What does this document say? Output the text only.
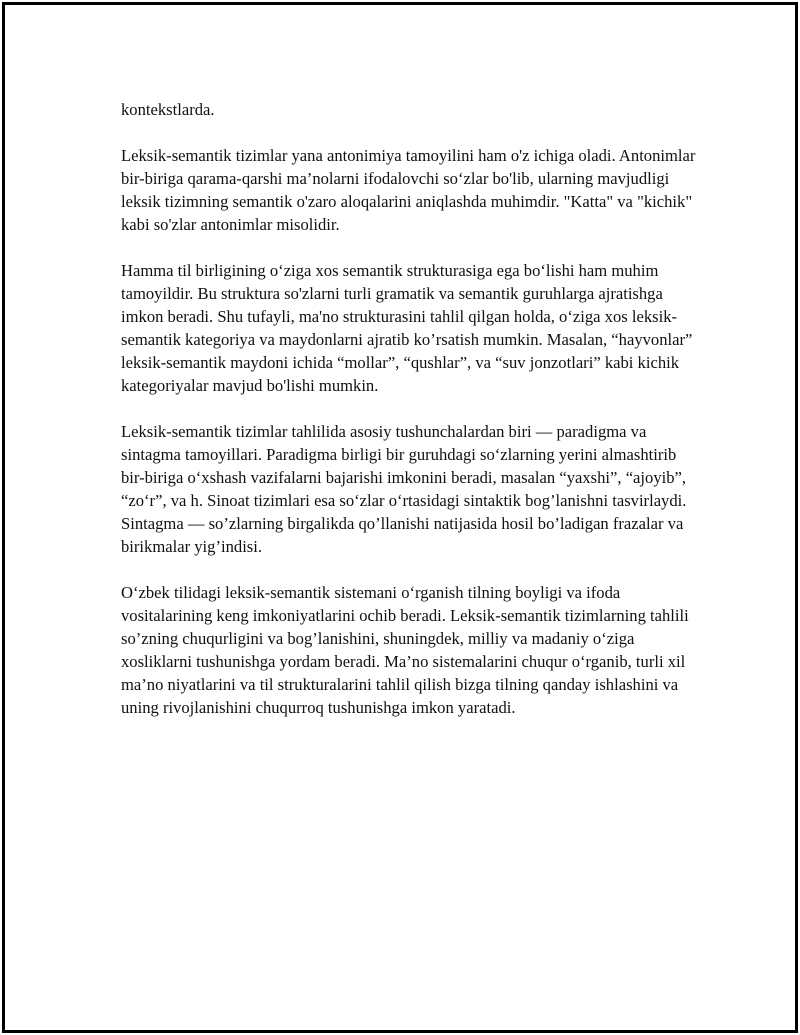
kontekstlarda.

Leksik-semantik tizimlar yana antonimiya tamoyilini ham o'z ichiga oladi. Antonimlar bir-biriga qarama-qarshi ma’nolarni ifodalovchi so‘zlar bo'lib, ularning mavjudligi leksik tizimning semantik o'zaro aloqalarini aniqlashda muhimdir. "Katta" va "kichik" kabi so'zlar antonimlar misolidir.

Hamma til birligining o‘ziga xos semantik strukturasiga ega bo‘lishi ham muhim tamoyildir. Bu struktura so'zlarni turli gramatik va semantik guruhlarga ajratishga imkon beradi. Shu tufayli, ma'no strukturasini tahlil qilgan holda, o‘ziga xos leksik-semantik kategoriya va maydonlarni ajratib ko’rsatish mumkin. Masalan, “hayvonlar” leksik-semantik maydoni ichida “mollar”, “qushlar”, va “suv jonzotlari” kabi kichik kategoriyalar mavjud bo'lishi mumkin.

Leksik-semantik tizimlar tahlilida asosiy tushunchalardan biri — paradigma va sintagma tamoyillari. Paradigma birligi bir guruhdagi so‘zlarning yerini almashtirib bir-biriga o‘xshash vazifalarni bajarishi imkonini beradi, masalan “yaxshi”, “ajoyib”, “zo‘r”, va h. Sinoat tizimlari esa so‘zlar o‘rtasidagi sintaktik bog’lanishni tasvirlaydi. Sintagma — so’zlarning birgalikda qo’llanishi natijasida hosil bo’ladigan frazalar va birikmalar yig’indisi.

O‘zbek tilidagi leksik-semantik sistemani o‘rganish tilning boyligi va ifoda vositalarining keng imkoniyatlarini ochib beradi. Leksik-semantik tizimlarning tahlili so’zning chuqurligini va bog’lanishini, shuningdek, milliy va madaniy o‘ziga xosliklarni tushunishga yordam beradi. Ma’no sistemalarini chuqur o‘rganib, turli xil ma’no niyatlarini va til strukturalarini tahlil qilish bizga tilning qanday ishlashini va uning rivojlanishini chuqurroq tushunishga imkon yaratadi.
